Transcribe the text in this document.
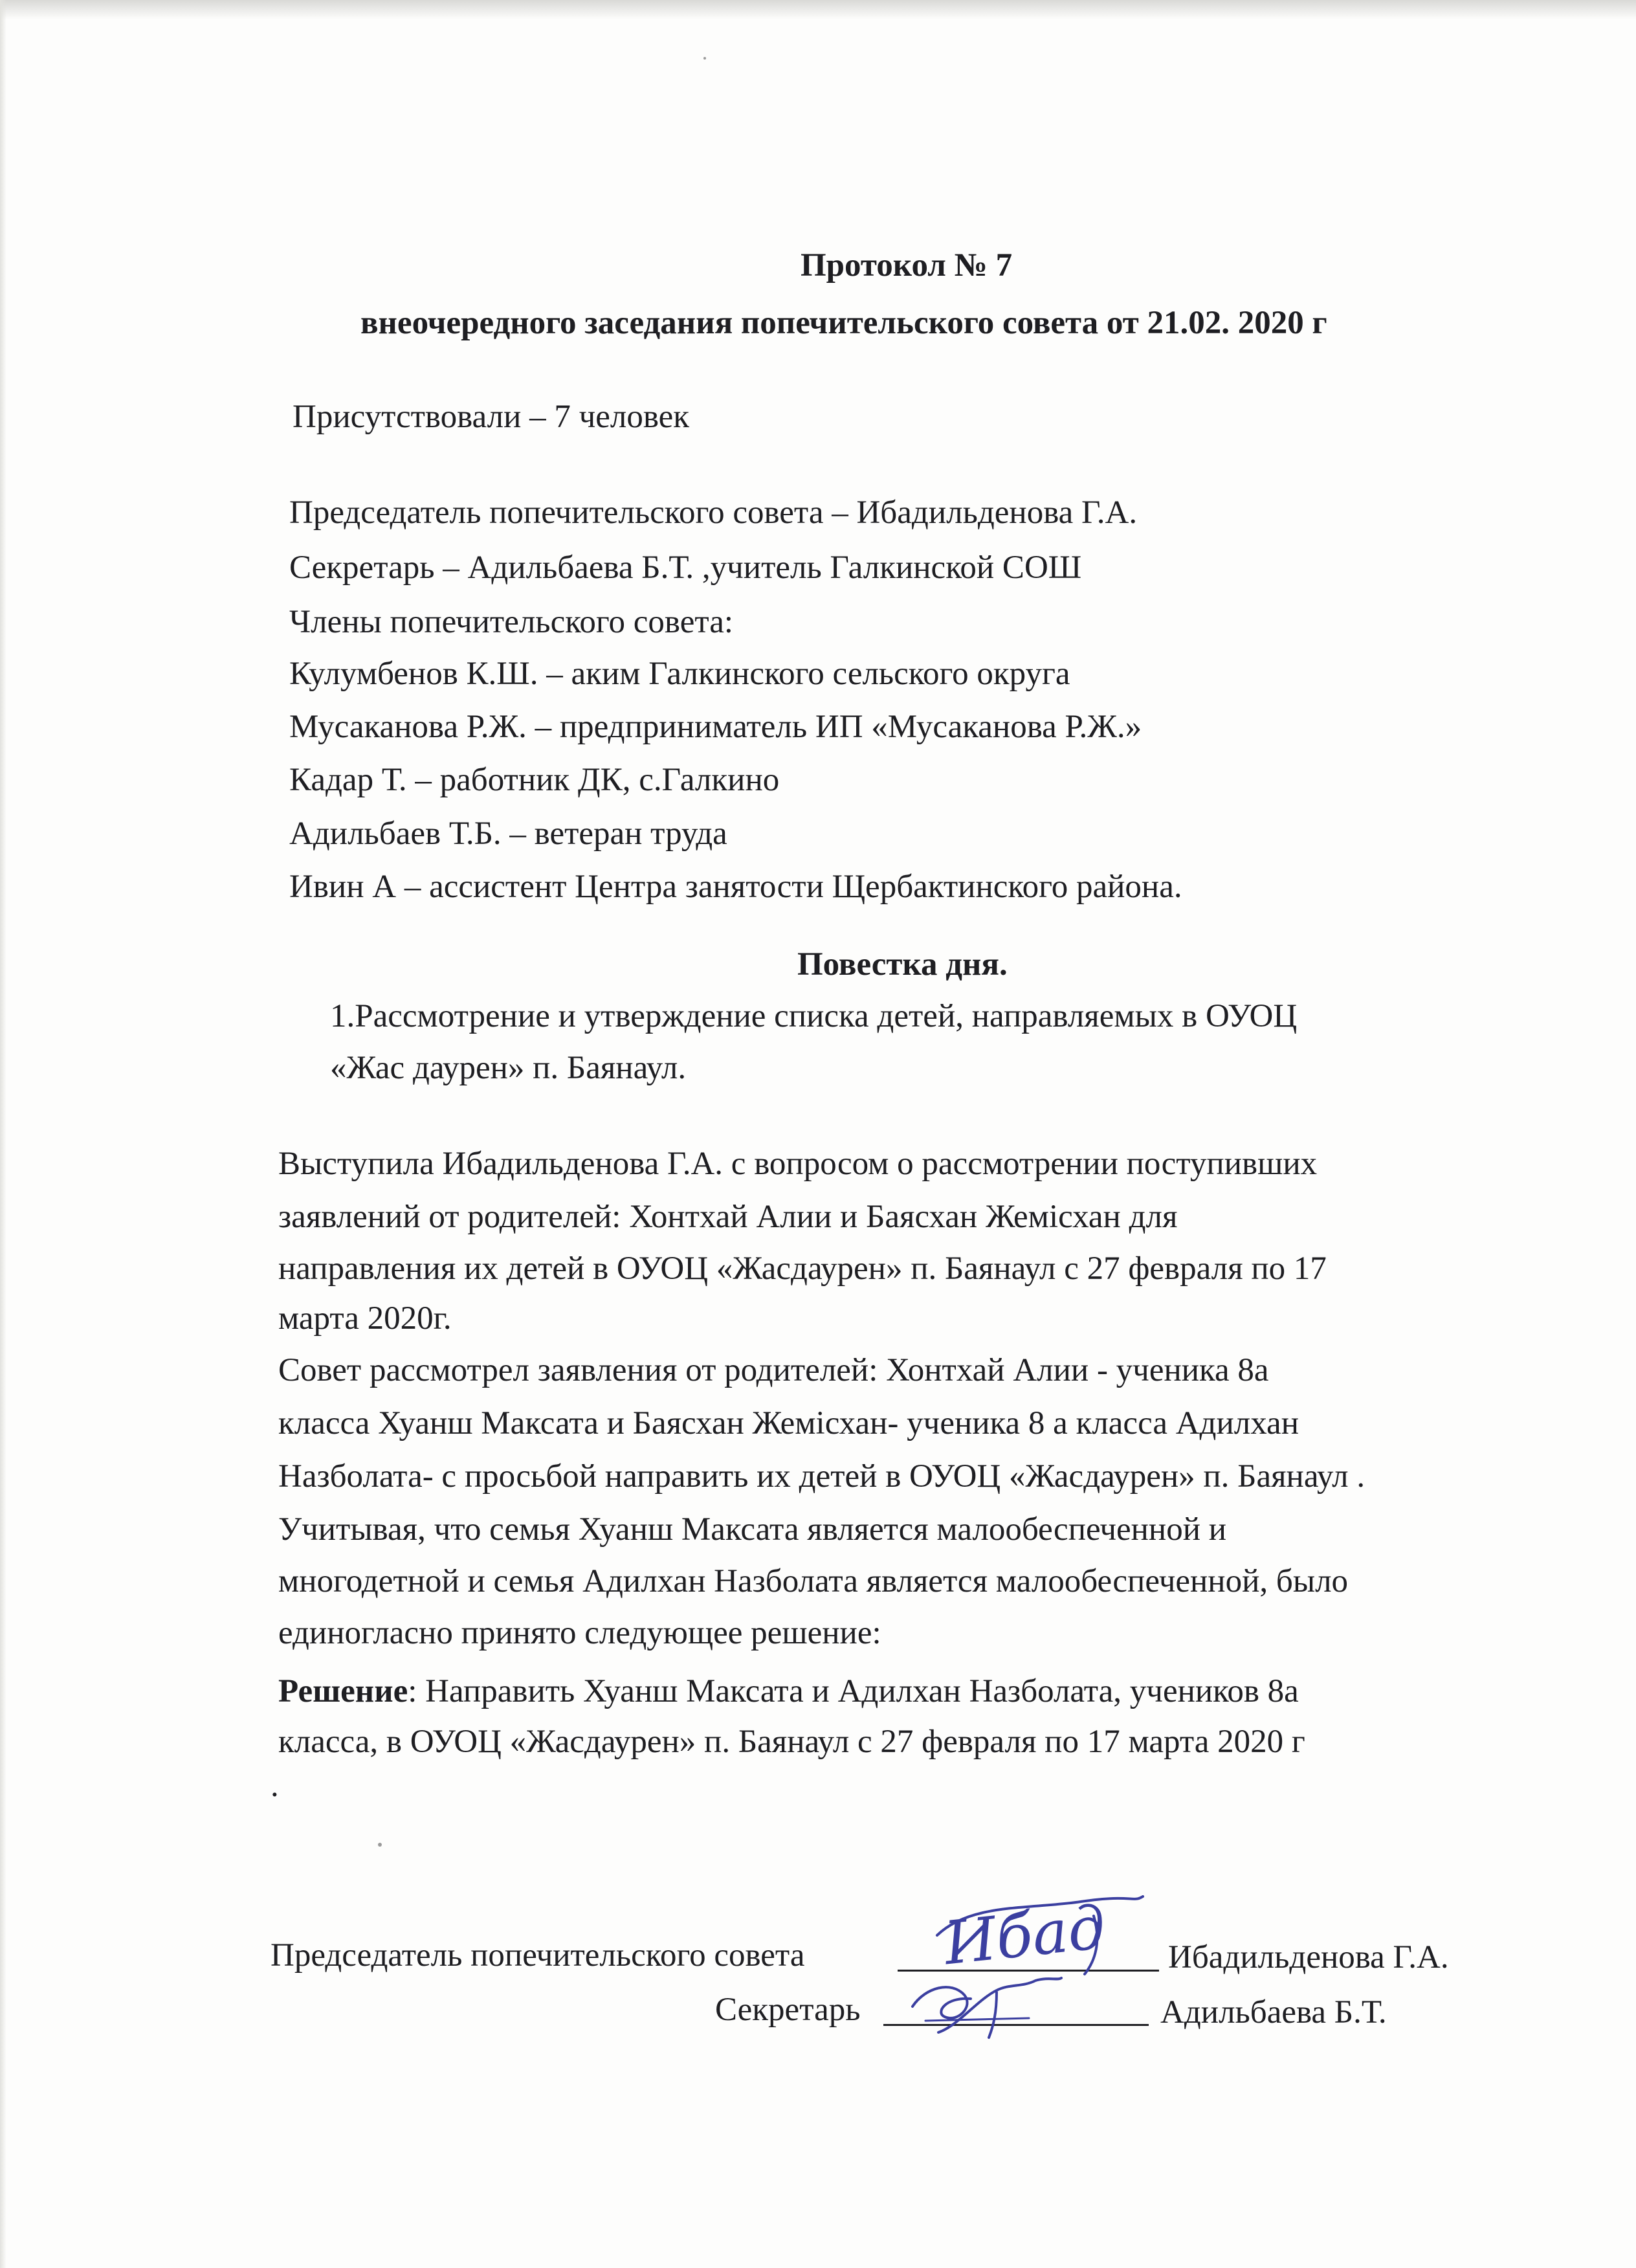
Протокол № 7
внеочередного заседания попечительского совета от 21.02. 2020 г
Присутствовали – 7 человек
Председатель попечительского совета – Ибадильденова Г.А.
Секретарь – Адильбаева Б.Т. ,учитель Галкинской СОШ
Члены попечительского совета:
Кулумбенов К.Ш. – аким Галкинского сельского округа
Мусаканова Р.Ж. – предприниматель ИП «Мусаканова Р.Ж.»
Кадар Т. – работник ДК, с.Галкино
Адильбаев Т.Б. – ветеран труда
Ивин А – ассистент Центра занятости Щербактинского района.
Повестка дня.
1.Рассмотрение и утверждение списка детей, направляемых в ОУОЦ
«Жас даурен» п. Баянаул.
Выступила Ибадильденова Г.А. с вопросом о рассмотрении поступивших
заявлений от родителей: Хонтхай Алии и Баясхан Жемісхан для
направления их детей в ОУОЦ «Жасдаурен» п. Баянаул с 27 февраля по 17
марта 2020г.
Совет рассмотрел заявления от родителей: Хонтхай Алии - ученика 8а
класса Хуанш Максата и Баясхан Жемісхан- ученика 8 а класса Адилхан
Назболата- с просьбой направить их детей в ОУОЦ «Жасдаурен» п. Баянаул .
Учитывая, что семья Хуанш Максата является малообеспеченной и
многодетной и семья Адилхан Назболата является малообеспеченной, было
единогласно принято следующее решение:
Решение: Направить Хуанш Максата и Адилхан Назболата, учеников 8а
класса, в ОУОЦ «Жасдаурен» п. Баянаул с 27 февраля по 17 марта 2020 г
.
Председатель попечительского совета Ибад Ибадильденова Г.А.
Секретарь	Адильбаева Б.Т.
